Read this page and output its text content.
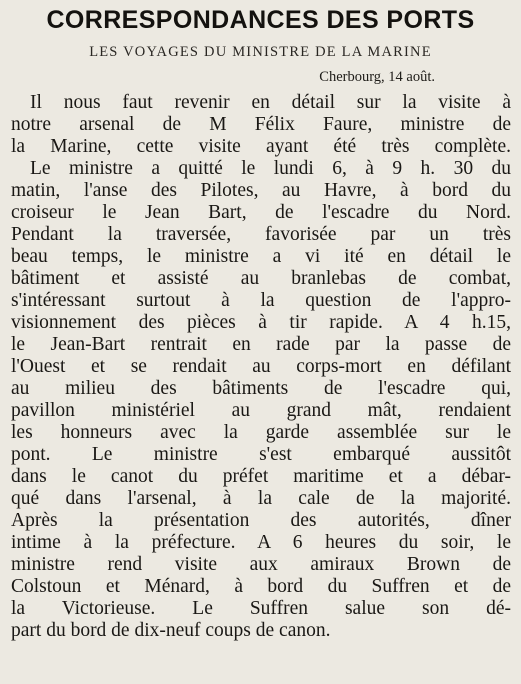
CORRESPONDANCES DES PORTS
LES VOYAGES DU MINISTRE DE LA MARINE
Cherbourg, 14 août.
Il nous faut revenir en détail sur la visite à
notre arsenal de M Félix Faure, ministre de
la Marine, cette visite ayant été très complète.
Le ministre a quitté le lundi 6, à 9 h. 30 du
matin, l'anse des Pilotes, au Havre, à bord du
croiseur le Jean Bart, de l'escadre du Nord.
Pendant la traversée, favorisée par un très
beau temps, le ministre a vi ité en détail le
bâtiment et assisté au branlebas de combat,
s'intéressant surtout à la question de l'appro-
visionnement des pièces à tir rapide. A 4 h.15,
le Jean-Bart rentrait en rade par la passe de
l'Ouest et se rendait au corps-mort en défilant
au milieu des bâtiments de l'escadre qui,
pavillon ministériel au grand mât, rendaient
les honneurs avec la garde assemblée sur le
pont. Le ministre s'est embarqué aussitôt
dans le canot du préfet maritime et a débar-
qué dans l'arsenal, à la cale de la majorité.
Après la présentation des autorités, dîner
intime à la préfecture. A 6 heures du soir, le
ministre rend visite aux amiraux Brown de
Colstoun et Ménard, à bord du Suffren et de
la Victorieuse. Le Suffren salue son dé-
part du bord de dix-neuf coups de canon.
